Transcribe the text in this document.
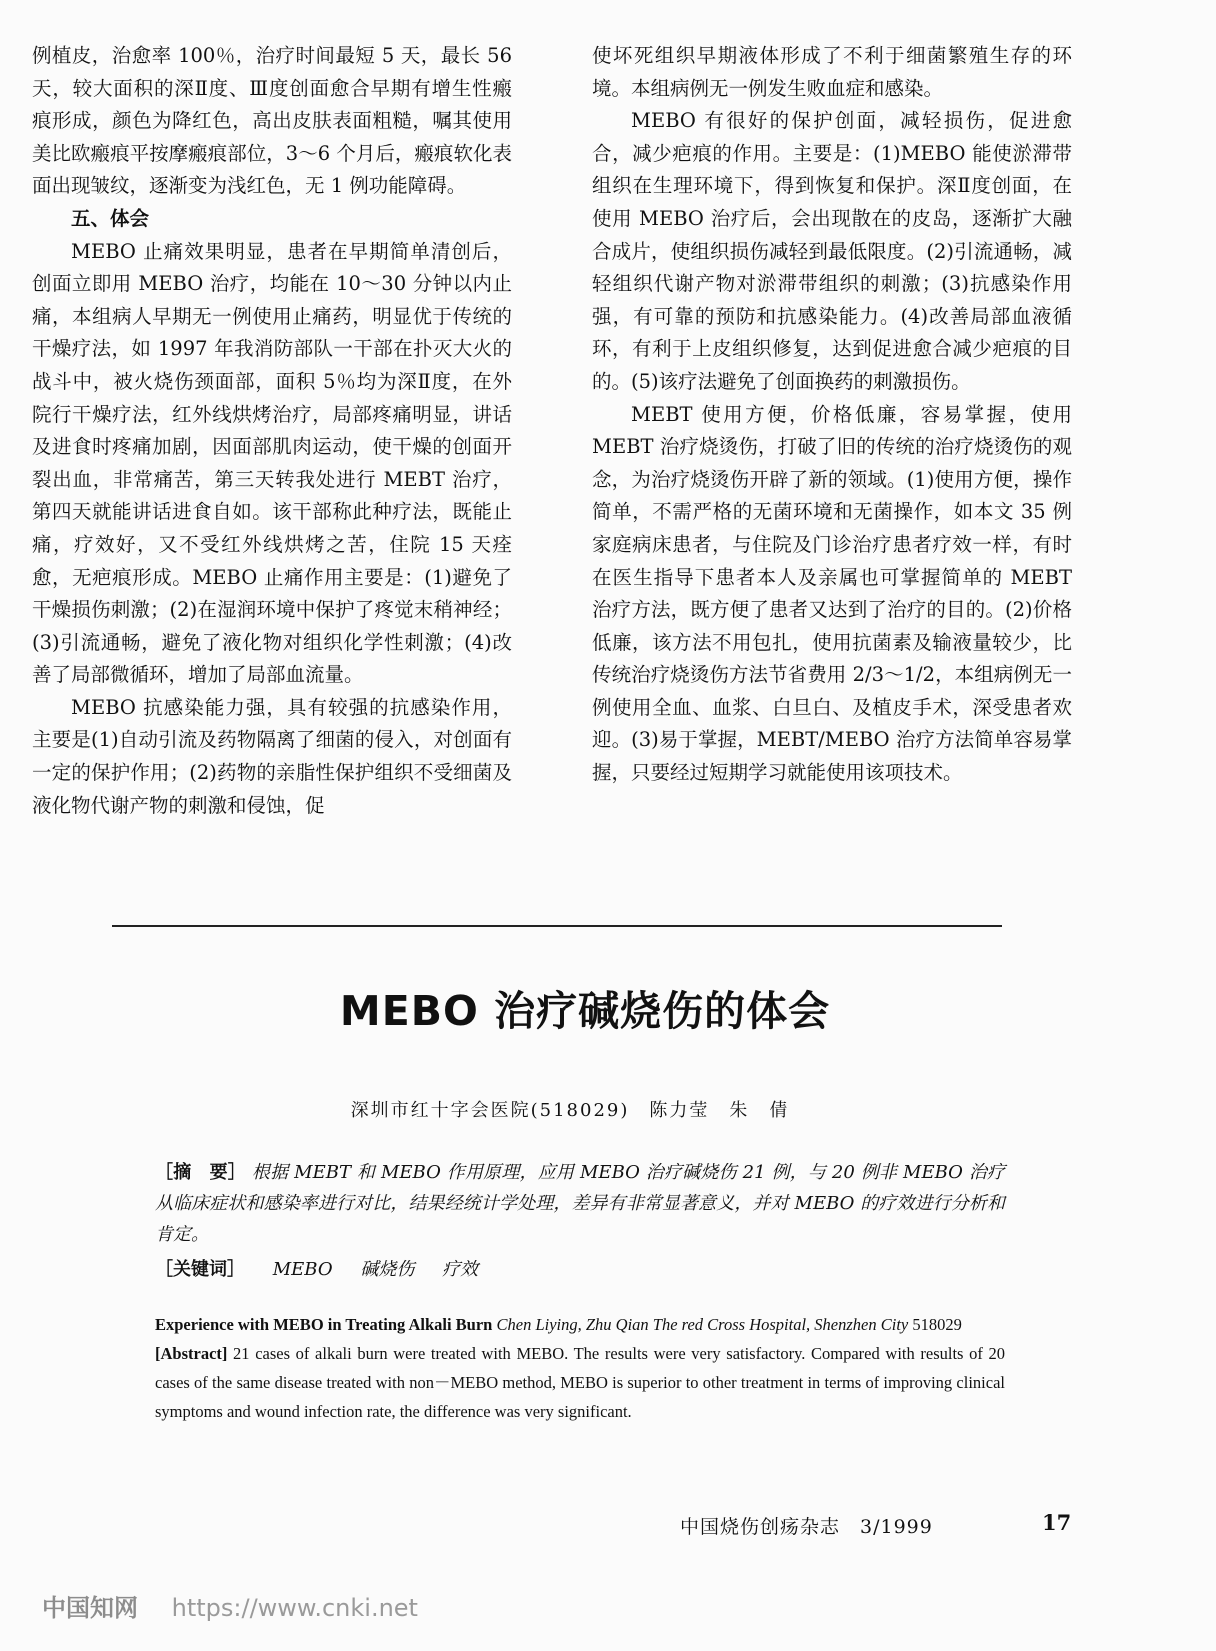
例植皮，治愈率 100％，治疗时间最短 5 天，最长 56 天，较大面积的深Ⅱ度、Ⅲ度创面愈合早期有增生性瘢痕形成，颜色为降红色，高出皮肤表面粗糙，嘱其使用美比欧瘢痕平按摩瘢痕部位，3～6 个月后，瘢痕软化表面出现皱纹，逐渐变为浅红色，无 1 例功能障碍。

五、体会

MEBO 止痛效果明显，患者在早期简单清创后，创面立即用 MEBO 治疗，均能在 10～30 分钟以内止痛，本组病人早期无一例使用止痛药，明显优于传统的干燥疗法，如 1997 年我消防部队一干部在扑灭大火的战斗中，被火烧伤颈面部，面积 5％均为深Ⅱ度，在外院行干燥疗法，红外线烘烤治疗，局部疼痛明显，讲话及进食时疼痛加剧，因面部肌肉运动，使干燥的创面开裂出血，非常痛苦，第三天转我处进行 MEBT 治疗，第四天就能讲话进食自如。该干部称此种疗法，既能止痛，疗效好，又不受红外线烘烤之苦，住院 15 天痊愈，无疤痕形成。MEBO 止痛作用主要是：(1)避免了干燥损伤刺激；(2)在湿润环境中保护了疼觉末稍神经；(3)引流通畅，避免了液化物对组织化学性刺激；(4)改善了局部微循环，增加了局部血流量。

MEBO 抗感染能力强，具有较强的抗感染作用，主要是(1)自动引流及药物隔离了细菌的侵入，对创面有一定的保护作用；(2)药物的亲脂性保护组织不受细菌及液化物代谢产物的刺激和侵蚀，促

使坏死组织早期液体形成了不利于细菌繁殖生存的环境。本组病例无一例发生败血症和感染。

MEBO 有很好的保护创面，减轻损伤，促进愈合，减少疤痕的作用。主要是：(1)MEBO 能使淤滞带组织在生理环境下，得到恢复和保护。深Ⅱ度创面，在使用 MEBO 治疗后，会出现散在的皮岛，逐渐扩大融合成片，使组织损伤减轻到最低限度。(2)引流通畅，减轻组织代谢产物对淤滞带组织的刺激；(3)抗感染作用强，有可靠的预防和抗感染能力。(4)改善局部血液循环，有利于上皮组织修复，达到促进愈合减少疤痕的目的。(5)该疗法避免了创面换药的刺激损伤。

MEBT 使用方便，价格低廉，容易掌握，使用 MEBT 治疗烧烫伤，打破了旧的传统的治疗烧烫伤的观念，为治疗烧烫伤开辟了新的领域。(1)使用方便，操作简单，不需严格的无菌环境和无菌操作，如本文 35 例家庭病床患者，与住院及门诊治疗患者疗效一样，有时在医生指导下患者本人及亲属也可掌握简单的 MEBT 治疗方法，既方便了患者又达到了治疗的目的。(2)价格低廉，该方法不用包扎，使用抗菌素及输液量较少，比传统治疗烧烫伤方法节省费用 2/3～1/2，本组病例无一例使用全血、血浆、白旦白、及植皮手术，深受患者欢迎。(3)易于掌握，MEBT/MEBO 治疗方法简单容易掌握，只要经过短期学习就能使用该项技术。

MEBO 治疗碱烧伤的体会
深圳市红十字会医院(518029)　陈力莹　朱　倩

［摘　要］ 根据 MEBT 和 MEBO 作用原理，应用 MEBO 治疗碱烧伤 21 例，与 20 例非 MEBO 治疗从临床症状和感染率进行对比，结果经统计学处理，差异有非常显著意义，并对 MEBO 的疗效进行分析和肯定。

［关键词］ MEBO 碱烧伤 疗效

Experience with MEBO in Treating Alkali Burn Chen Liying, Zhu Qian The red Cross Hospital, Shenzhen City 518029

[Abstract] 21 cases of alkali burn were treated with MEBO. The results were very satisfactory. Compared with results of 20 cases of the same disease treated with non－MEBO method, MEBO is superior to other treatment in terms of improving clinical symptoms and wound infection rate, the difference was very significant.

中国烧伤创疡杂志　3/1999	17
中国知网 https://www.cnki.net
